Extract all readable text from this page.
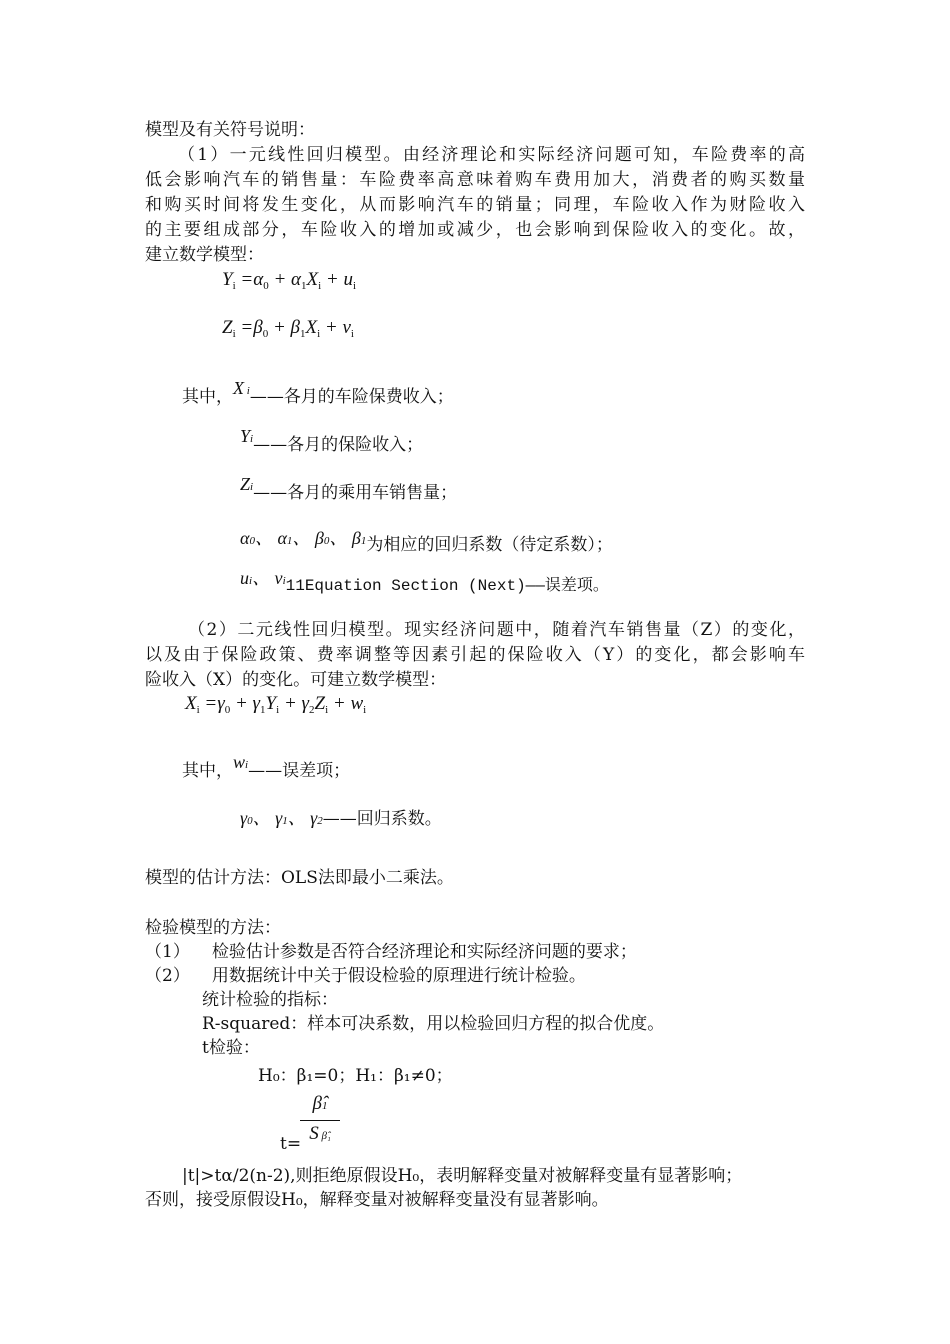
模型及有关符号说明：
（1）一元线性回归模型。由经济理论和实际经济问题可知，车险费率的高
低会影响汽车的销售量：车险费率高意味着购车费用加大，消费者的购买数量
和购买时间将发生变化，从而影响汽车的销量；同理，车险收入作为财险收入
的主要组成部分，车险收入的增加或减少，也会影响到保险收入的变化。故，
建立数学模型：
$Y_i =\alpha_0 + \alpha_1X_i + u_i$
$Z_i =\beta_0 + \beta_1X_i + v_i$
其中，X i——各月的车险保费收入；
Yi——各月的保险收入；
Zi——各月的乘用车销售量；
α0、 α1、 β0、 β1为相应的回归系数（待定系数）；
ui、 vi11Equation Section (Next)——误差项。
（2）二元线性回归模型。现实经济问题中，随着汽车销售量（Z）的变化，
以及由于保险政策、费率调整等因素引起的保险收入（Y）的变化，都会影响车
险收入（X）的变化。可建立数学模型：
$X_i =\gamma_0 + \gamma_1Y_i + \gamma_2Z_i + w_i$
其中，wi——误差项；
γ0、 γ1、 γ2——回归系数。
模型的估计方法：OLS法即最小二乘法。
检验模型的方法：
（1） 检验估计参数是否符合经济理论和实际经济问题的要求；
（2） 用数据统计中关于假设检验的原理进行统计检验。
统计检验的指标：
R-squared：样本可决系数，用以检验回归方程的拟合优度。
t检验：
H₀：β₁=0；H₁：β₁≠0；
t=
β̂1
S β̂₁
|t|>tα/2(n-2),则拒绝原假设H₀，表明解释变量对被解释变量有显著影响；
否则，接受原假设H₀，解释变量对被解释变量没有显著影响。
